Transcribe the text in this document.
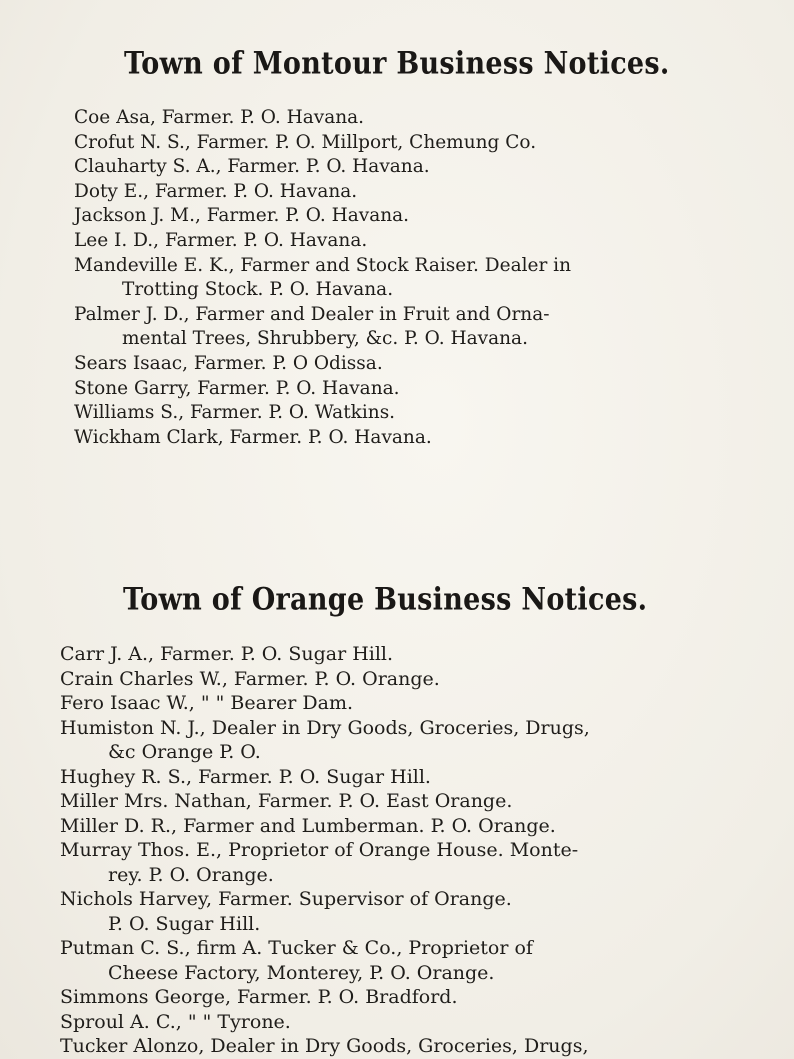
Town of Montour Business Notices.
Coe Asa, Farmer. P. O. Havana.
Crofut N. S., Farmer. P. O. Millport, Chemung Co.
Clauharty S. A., Farmer. P. O. Havana.
Doty E., Farmer. P. O. Havana.
Jackson J. M., Farmer. P. O. Havana.
Lee I. D., Farmer. P. O. Havana.
Mandeville E. K., Farmer and Stock Raiser. Dealer in
Trotting Stock. P. O. Havana.
Palmer J. D., Farmer and Dealer in Fruit and Orna-
mental Trees, Shrubbery, &c. P. O. Havana.
Sears Isaac, Farmer. P. O Odissa.
Stone Garry, Farmer. P. O. Havana.
Williams S., Farmer. P. O. Watkins.
Wickham Clark, Farmer. P. O. Havana.
Town of Orange Business Notices.
Carr J. A., Farmer. P. O. Sugar Hill.
Crain Charles W., Farmer. P. O. Orange.
Fero Isaac W., " " Bearer Dam.
Humiston N. J., Dealer in Dry Goods, Groceries, Drugs,
&c Orange P. O.
Hughey R. S., Farmer. P. O. Sugar Hill.
Miller Mrs. Nathan, Farmer. P. O. East Orange.
Miller D. R., Farmer and Lumberman. P. O. Orange.
Murray Thos. E., Proprietor of Orange House. Monte-
rey. P. O. Orange.
Nichols Harvey, Farmer. Supervisor of Orange.
P. O. Sugar Hill.
Putman C. S., firm A. Tucker & Co., Proprietor of
Cheese Factory, Monterey, P. O. Orange.
Simmons George, Farmer. P. O. Bradford.
Sproul A. C., " " Tyrone.
Tucker Alonzo, Dealer in Dry Goods, Groceries, Drugs,
